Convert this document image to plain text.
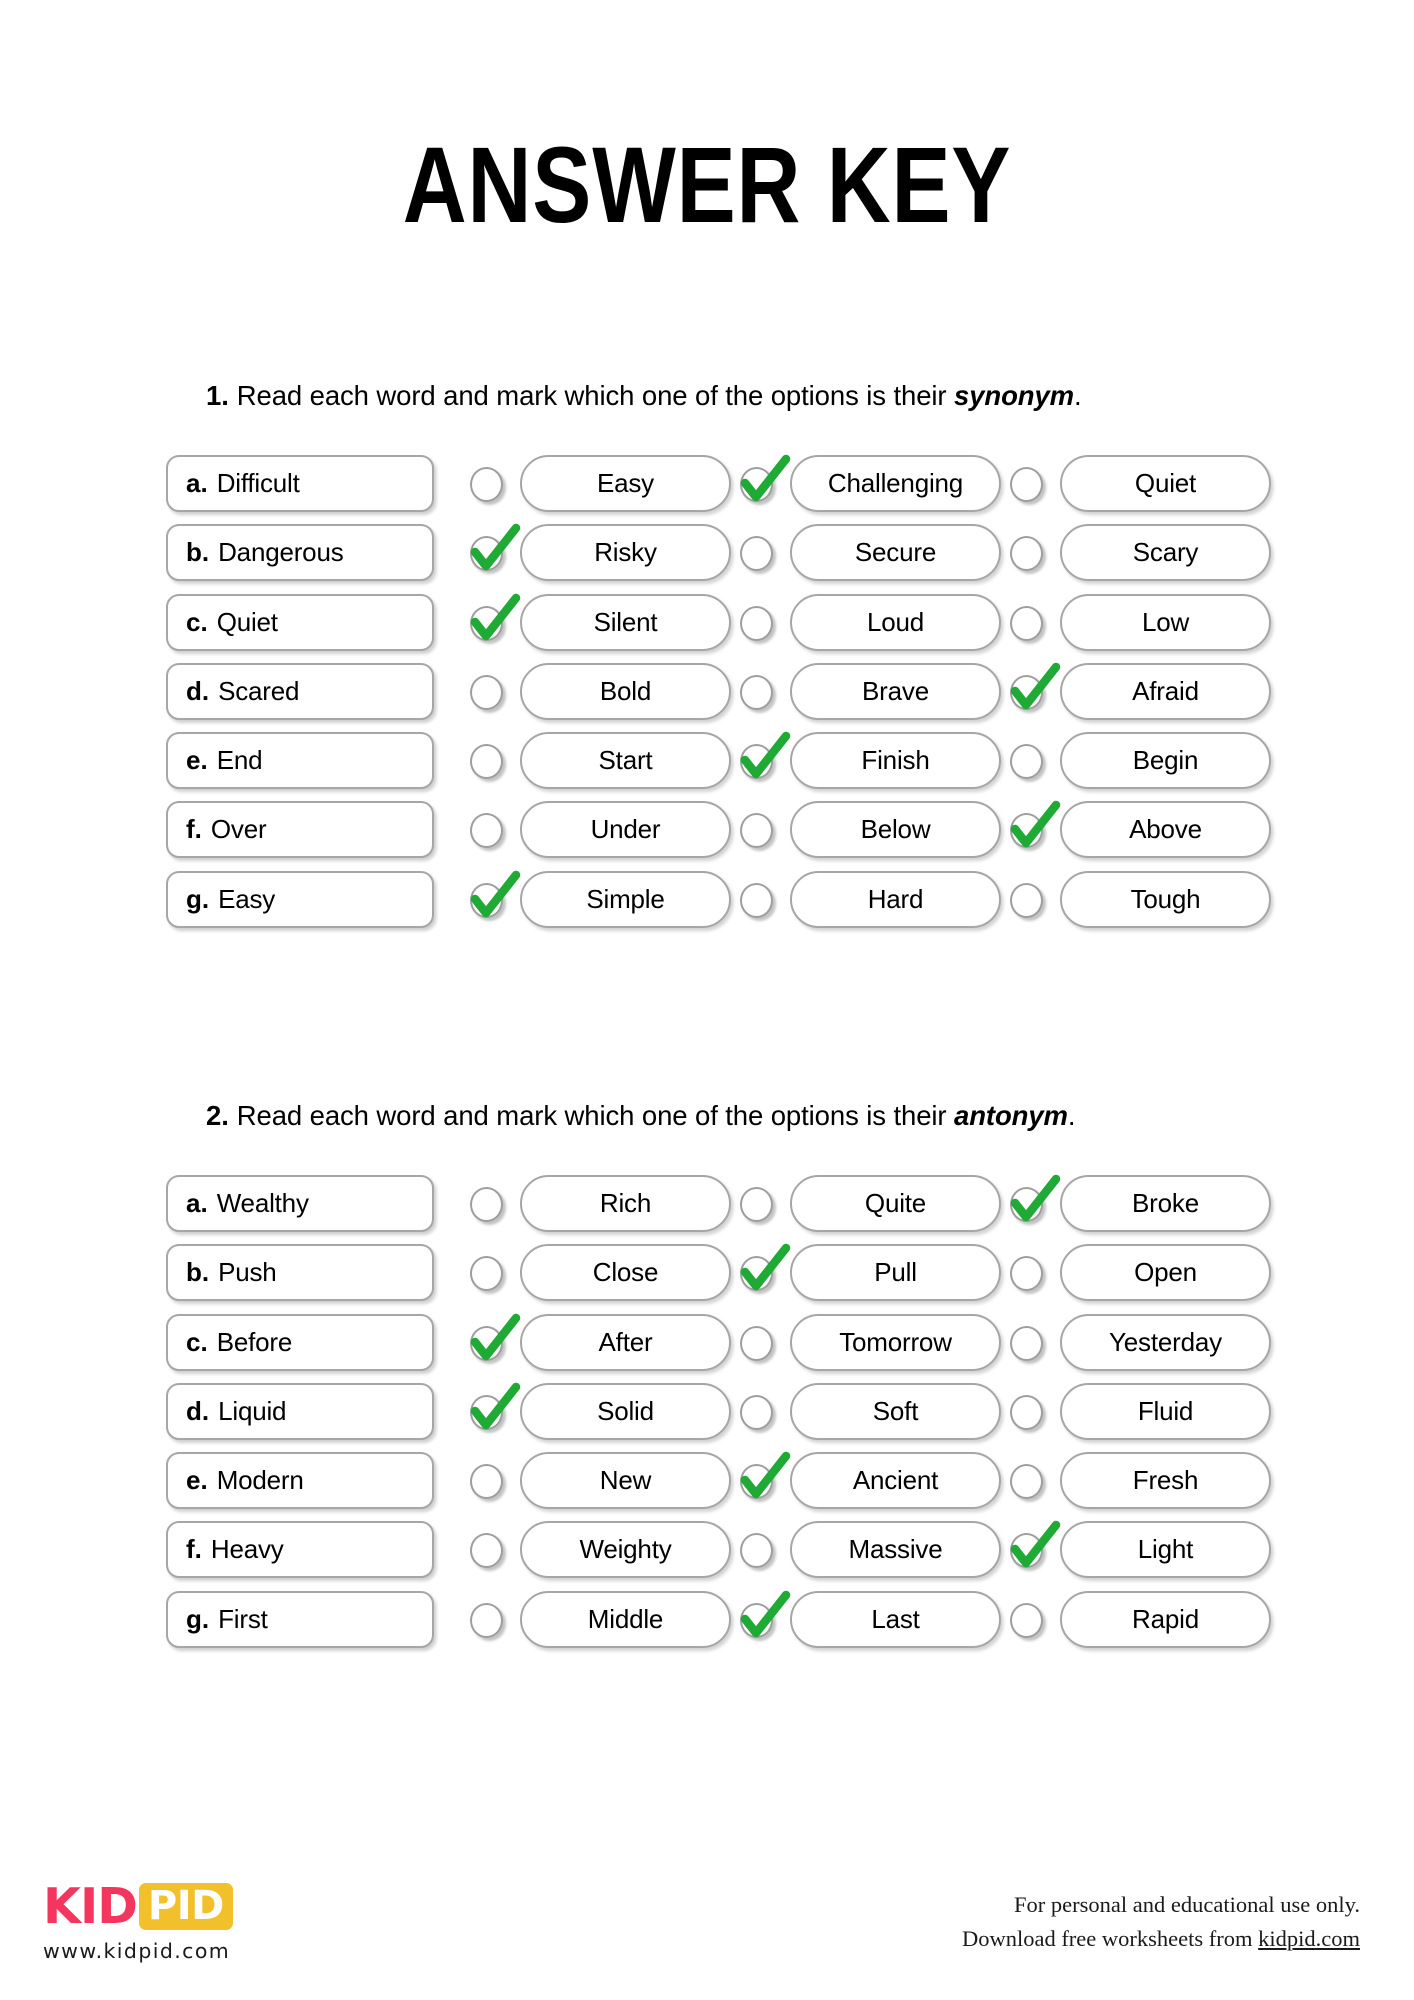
ANSWER KEY
1. Read each word and mark which one of the options is their synonym.
a. Difficult	Easy	Challenging	Quiet
b. Dangerous	Risky	Secure	Scary
c. Quiet	Silent	Loud	Low
d. Scared	Bold	Brave	Afraid
e. End	Start	Finish	Begin
f. Over	Under	Below	Above
g. Easy	Simple	Hard	Tough
2. Read each word and mark which one of the options is their antonym.
a. Wealthy	Rich	Quite	Broke
b. Push	Close	Pull	Open
c. Before	After	Tomorrow	Yesterday
d. Liquid	Solid	Soft	Fluid
e. Modern	New	Ancient	Fresh
f. Heavy	Weighty	Massive	Light
g. First	Middle	Last	Rapid
KID PID
www.kidpid.com
For personal and educational use only.
Download free worksheets from kidpid.com
